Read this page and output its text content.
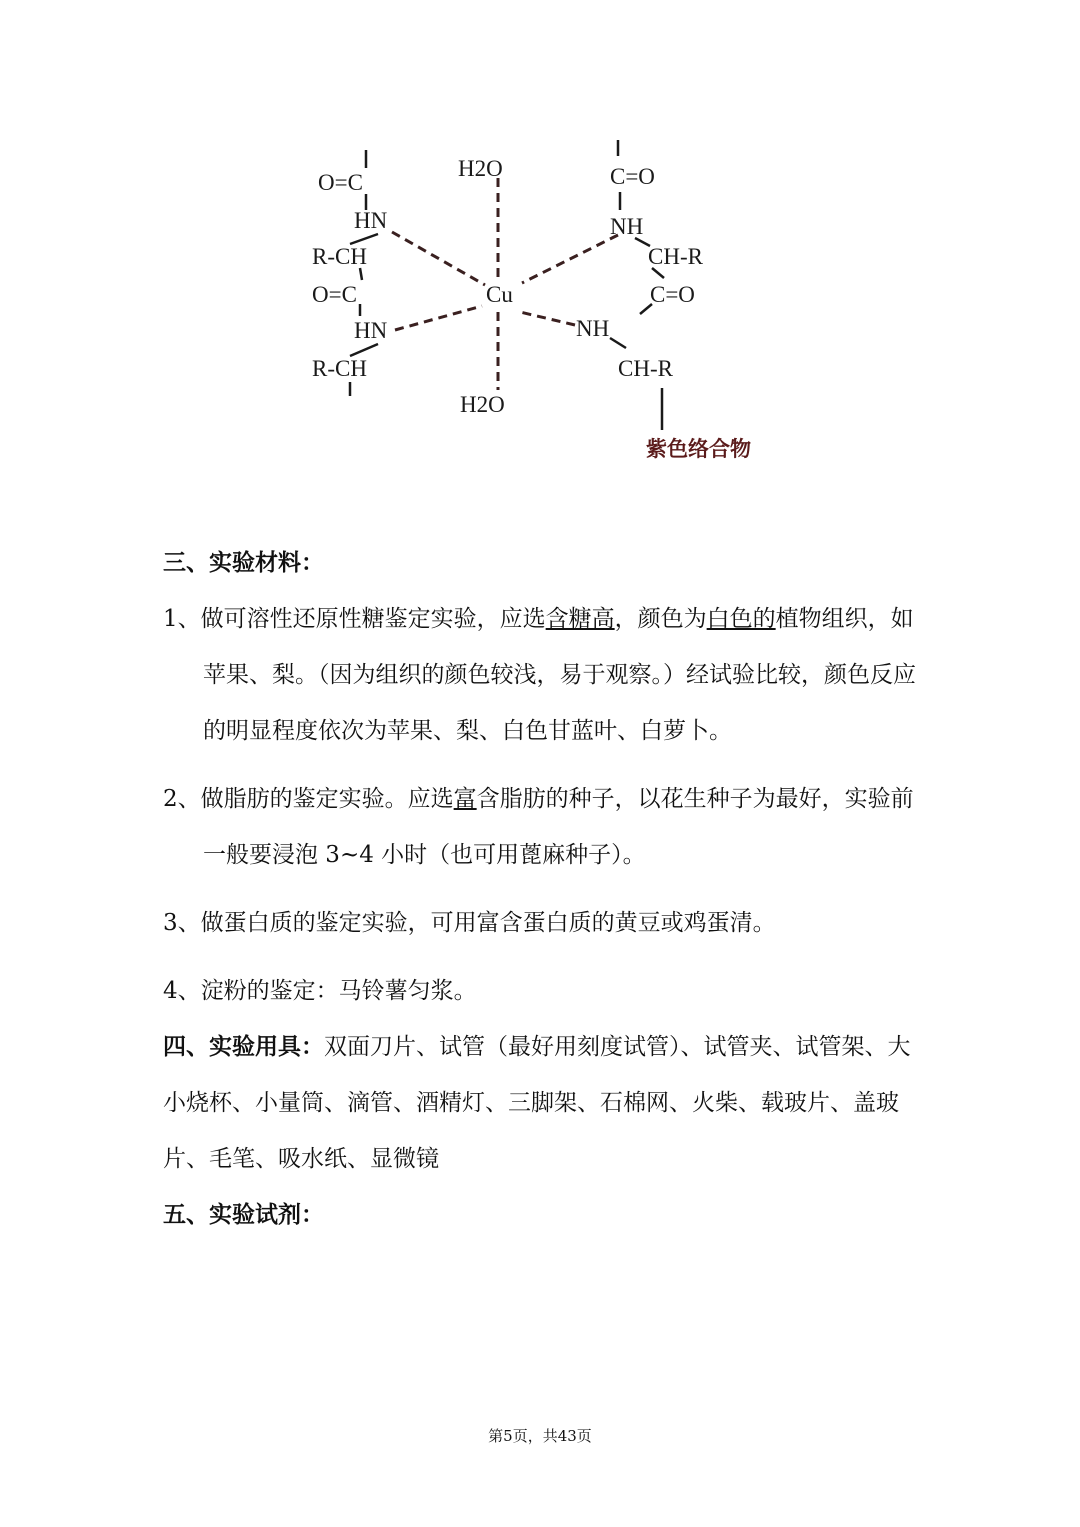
H2O
H2O
Cu
O=C
HN
R-CH
O=C
HN
R-CH
C=O
NH
CH-R
C=O
NH
CH-R
紫色络合物

三、实验材料：

1、做可溶性还原性糖鉴定实验，应选含糖高，颜色为白色的植物组织，如苹果、梨。（因为组织的颜色较浅，易于观察。）经试验比较，颜色反应的明显程度依次为苹果、梨、白色甘蓝叶、白萝卜。

2、做脂肪的鉴定实验。应选富含脂肪的种子，以花生种子为最好，实验前一般要浸泡 3~4 小时（也可用蓖麻种子）。

3、做蛋白质的鉴定实验，可用富含蛋白质的黄豆或鸡蛋清。

4、淀粉的鉴定：马铃薯匀浆。

四、实验用具：双面刀片、试管（最好用刻度试管）、试管夹、试管架、大小烧杯、小量筒、滴管、酒精灯、三脚架、石棉网、火柴、载玻片、盖玻片、毛笔、吸水纸、显微镜

五、实验试剂：

第5页，共43页
